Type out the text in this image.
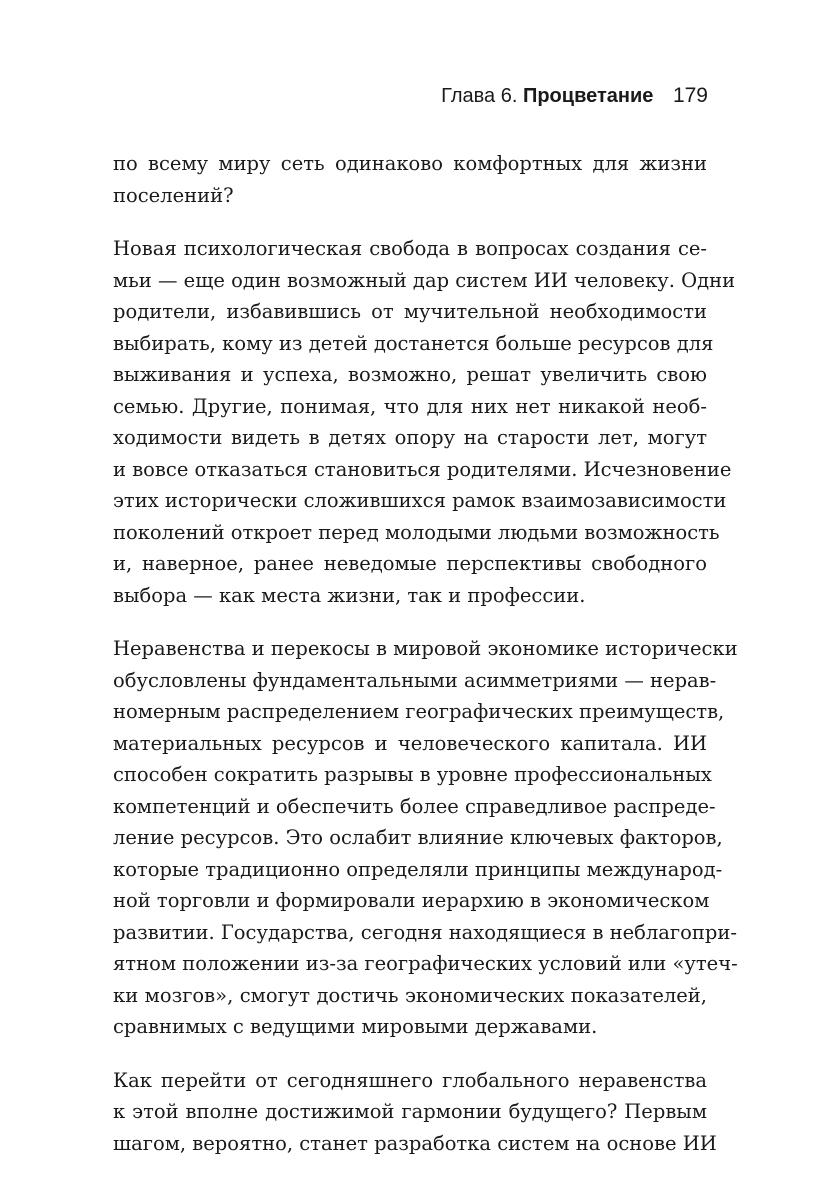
Глава 6. Процветание 179
по всему миру сеть одинаково комфортных для жизни
поселений?
Новая психологическая свобода в вопросах создания се-
мьи — еще один возможный дар систем ИИ человеку. Одни
родители, избавившись от мучительной необходимости
выбирать, кому из детей достанется больше ресурсов для
выживания и успеха, возможно, решат увеличить свою
семью. Другие, понимая, что для них нет никакой необ-
ходимости видеть в детях опору на старости лет, могут
и вовсе отказаться становиться родителями. Исчезновение
этих исторически сложившихся рамок взаимозависимости
поколений откроет перед молодыми людьми возможность
и, наверное, ранее неведомые перспективы свободного
выбора — как места жизни, так и профессии.
Неравенства и перекосы в мировой экономике исторически
обусловлены фундаментальными асимметриями — нерав-
номерным распределением географических преимуществ,
материальных ресурсов и человеческого капитала. ИИ
способен сократить разрывы в уровне профессиональных
компетенций и обеспечить более справедливое распреде-
ление ресурсов. Это ослабит влияние ключевых факторов,
которые традиционно определяли принципы международ-
ной торговли и формировали иерархию в экономическом
развитии. Государства, сегодня находящиеся в неблагопри-
ятном положении из-за географических условий или «утеч-
ки мозгов», смогут достичь экономических показателей,
сравнимых с ведущими мировыми державами.
Как перейти от сегодняшнего глобального неравенства
к этой вполне достижимой гармонии будущего? Первым
шагом, вероятно, станет разработка систем на основе ИИ
